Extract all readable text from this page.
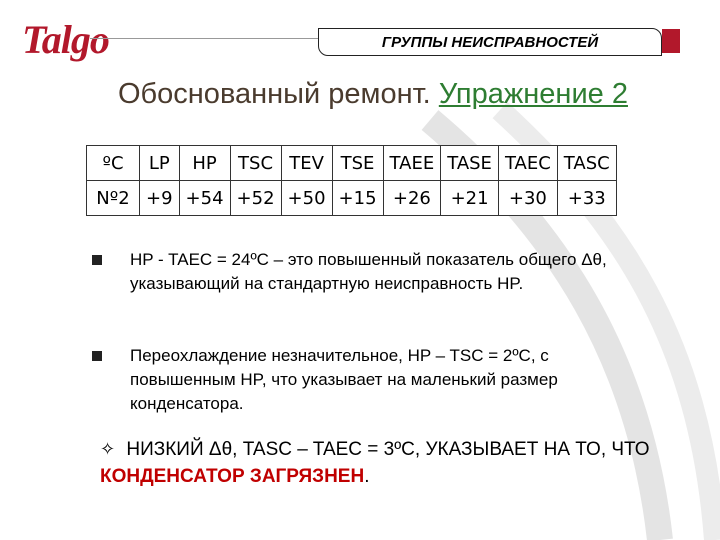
Talgo	ГРУППЫ НЕИСПРАВНОСТЕЙ
Обоснованный ремонт. Упражнение 2
ºC	LP	HP	TSC	TEV	TSE	TAEE	TASE	TAEC	TASC
Nº2	+9	+54	+52	+50	+15	+26	+21	+30	+33
HP - TAEC = 24ºC – это повышенный показатель общего Δθ, указывающий на стандартную неисправность HP.
Переохлаждение незначительное, HP – TSC = 2ºC, с повышенным HP, что указывает на маленький размер конденсатора.
✧ НИЗКИЙ Δθ, TASC – TAEC = 3ºC, УКАЗЫВАЕТ НА ТО, ЧТО КОНДЕНСАТОР ЗАГРЯЗНЕН.
